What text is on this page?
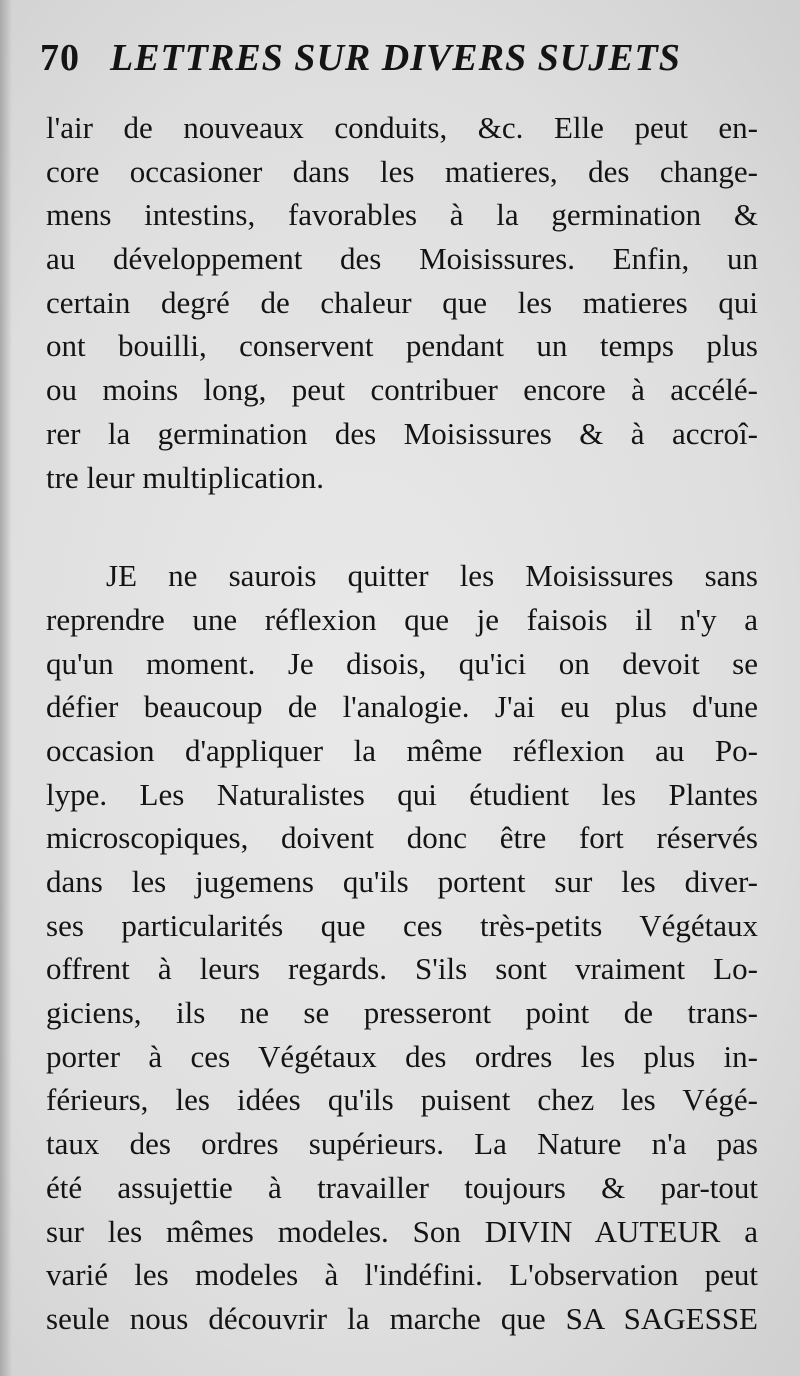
70 LETTRES SUR DIVERS SUJETS
l'air de nouveaux conduits, &c. Elle peut en-
core occasioner dans les matieres, des change-
mens intestins, favorables à la germination &
au développement des Moisissures. Enfin, un
certain degré de chaleur que les matieres qui
ont bouilli, conservent pendant un temps plus
ou moins long, peut contribuer encore à accélé-
rer la germination des Moisissures & à accroî-
tre leur multiplication.
JE ne saurois quitter les Moisissures sans
reprendre une réflexion que je faisois il n'y a
qu'un moment. Je disois, qu'ici on devoit se
défier beaucoup de l'analogie. J'ai eu plus d'une
occasion d'appliquer la même réflexion au Po-
lype. Les Naturalistes qui étudient les Plantes
microscopiques, doivent donc être fort réservés
dans les jugemens qu'ils portent sur les diver-
ses particularités que ces très-petits Végétaux
offrent à leurs regards. S'ils sont vraiment Lo-
giciens, ils ne se presseront point de trans-
porter à ces Végétaux des ordres les plus in-
férieurs, les idées qu'ils puisent chez les Végé-
taux des ordres supérieurs. La Nature n'a pas
été assujettie à travailler toujours & par-tout
sur les mêmes modeles. Son DIVIN AUTEUR a
varié les modeles à l'indéfini. L'observation peut
seule nous découvrir la marche que SA SAGESSE
